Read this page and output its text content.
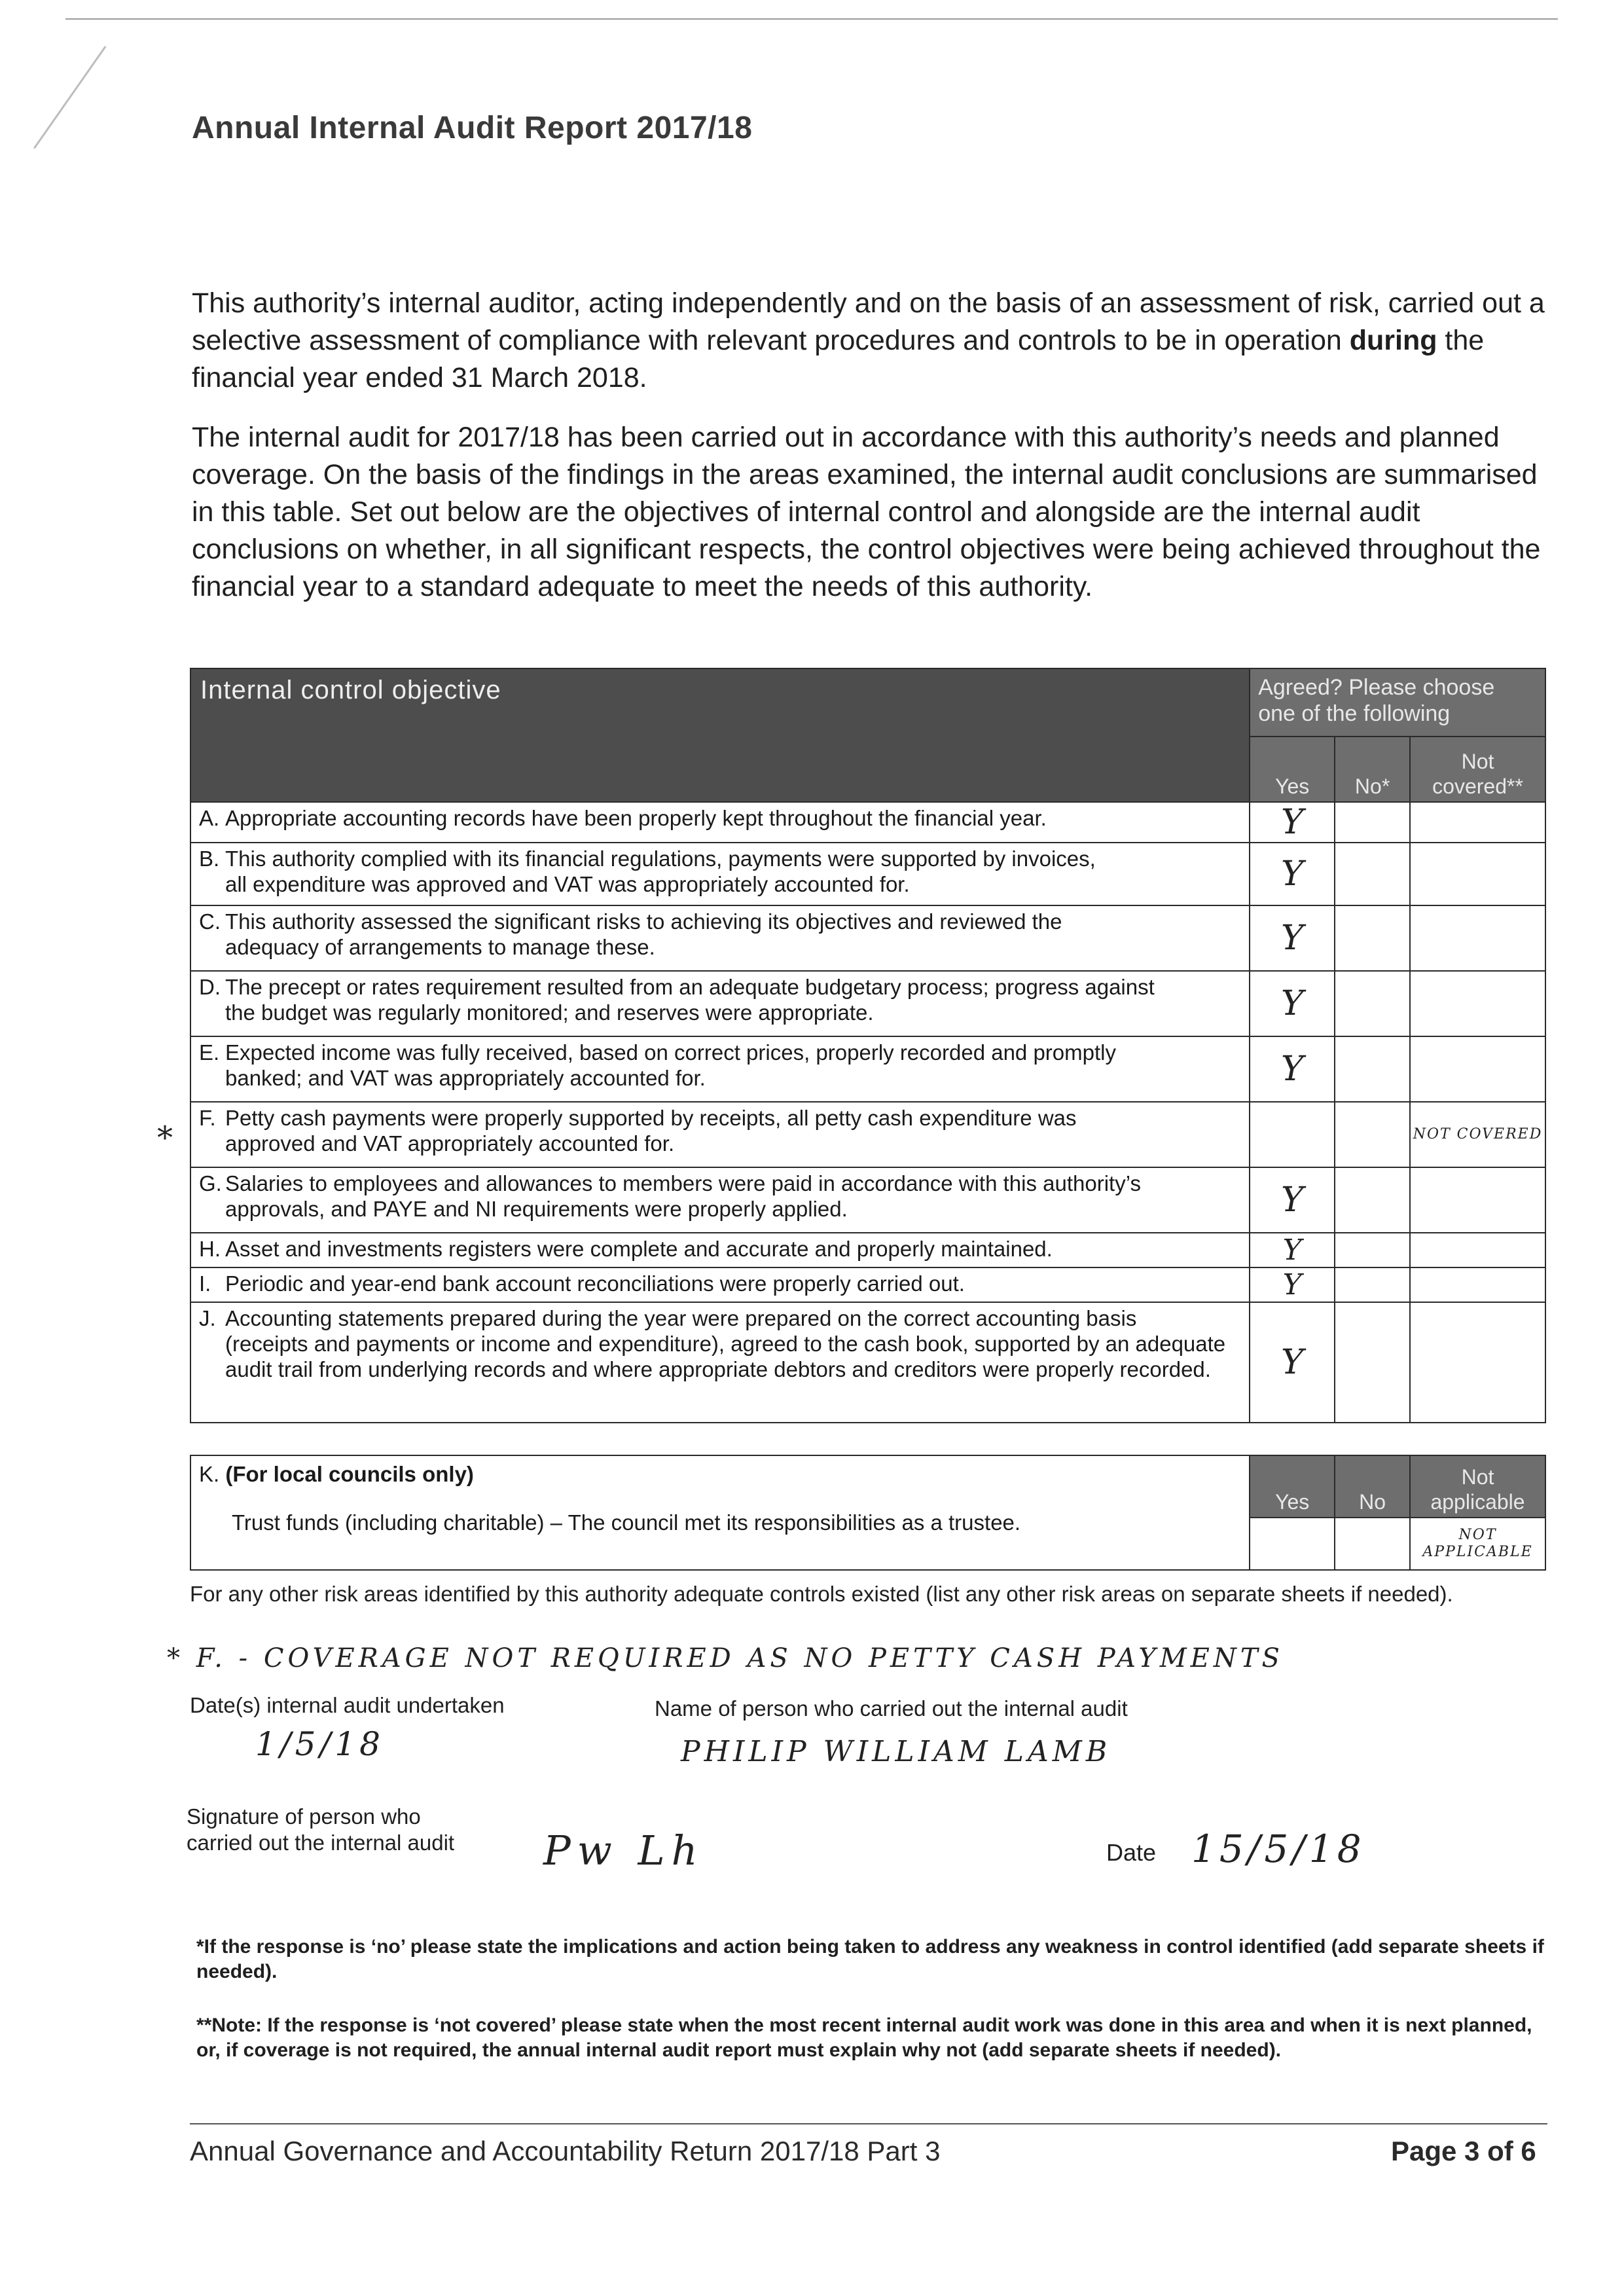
Annual Internal Audit Report 2017/18
This authority’s internal auditor, acting independently and on the basis of an assessment of risk, carried out a selective assessment of compliance with relevant procedures and controls to be in operation during the financial year ended 31 March 2018.
The internal audit for 2017/18 has been carried out in accordance with this authority’s needs and planned coverage. On the basis of the findings in the areas examined, the internal audit conclusions are summarised in this table. Set out below are the objectives of internal control and alongside are the internal audit conclusions on whether, in all significant respects, the control objectives were being achieved throughout the financial year to a standard adequate to meet the needs of this authority.
*
Internal control objective	Agreed? Please choose one of the following		
	Yes	No*	Not covered**
A. Appropriate accounting records have been properly kept throughout the financial year.	Y		
B. This authority complied with its financial regulations, payments were supported by invoices,
all expenditure was approved and VAT was appropriately accounted for.	Y		
C. This authority assessed the significant risks to achieving its objectives and reviewed the
adequacy of arrangements to manage these.	Y		
D. The precept or rates requirement resulted from an adequate budgetary process; progress against
the budget was regularly monitored; and reserves were appropriate.	Y		
E. Expected income was fully received, based on correct prices, properly recorded and promptly
banked; and VAT was appropriately accounted for.	Y		
F. Petty cash payments were properly supported by receipts, all petty cash expenditure was
approved and VAT appropriately accounted for.			NOT COVERED
G. Salaries to employees and allowances to members were paid in accordance with this authority’s
approvals, and PAYE and NI requirements were properly applied.	Y		
H. Asset and investments registers were complete and accurate and properly maintained.	Y		
I. Periodic and year-end bank account reconciliations were properly carried out.	Y		
J. Accounting statements prepared during the year were prepared on the correct accounting basis
(receipts and payments or income and expenditure), agreed to the cash book, supported by an adequate audit trail from underlying records and where appropriate debtors and creditors were properly recorded.	Y		
K. (For local councils only)
Trust funds (including charitable) – The council met its responsibilities as a trustee.	Yes	No	Not applicable
			NOT APPLICABLE
For any other risk areas identified by this authority adequate controls existed (list any other risk areas on separate sheets if needed).
* F. - COVERAGE NOT REQUIRED AS NO PETTY CASH PAYMENTS
Date(s) internal audit undertaken
1/5/18
Name of person who carried out the internal audit
PHILIP WILLIAM LAMB
Signature of person who
carried out the internal audit Pw Lh	Date 15/5/18
*If the response is ‘no’ please state the implications and action being taken to address any weakness in control identified (add separate sheets if needed).
**Note: If the response is ‘not covered’ please state when the most recent internal audit work was done in this area and when it is next planned, or, if coverage is not required, the annual internal audit report must explain why not (add separate sheets if needed).
Annual Governance and Accountability Return 2017/18 Part 3	Page 3 of 6
